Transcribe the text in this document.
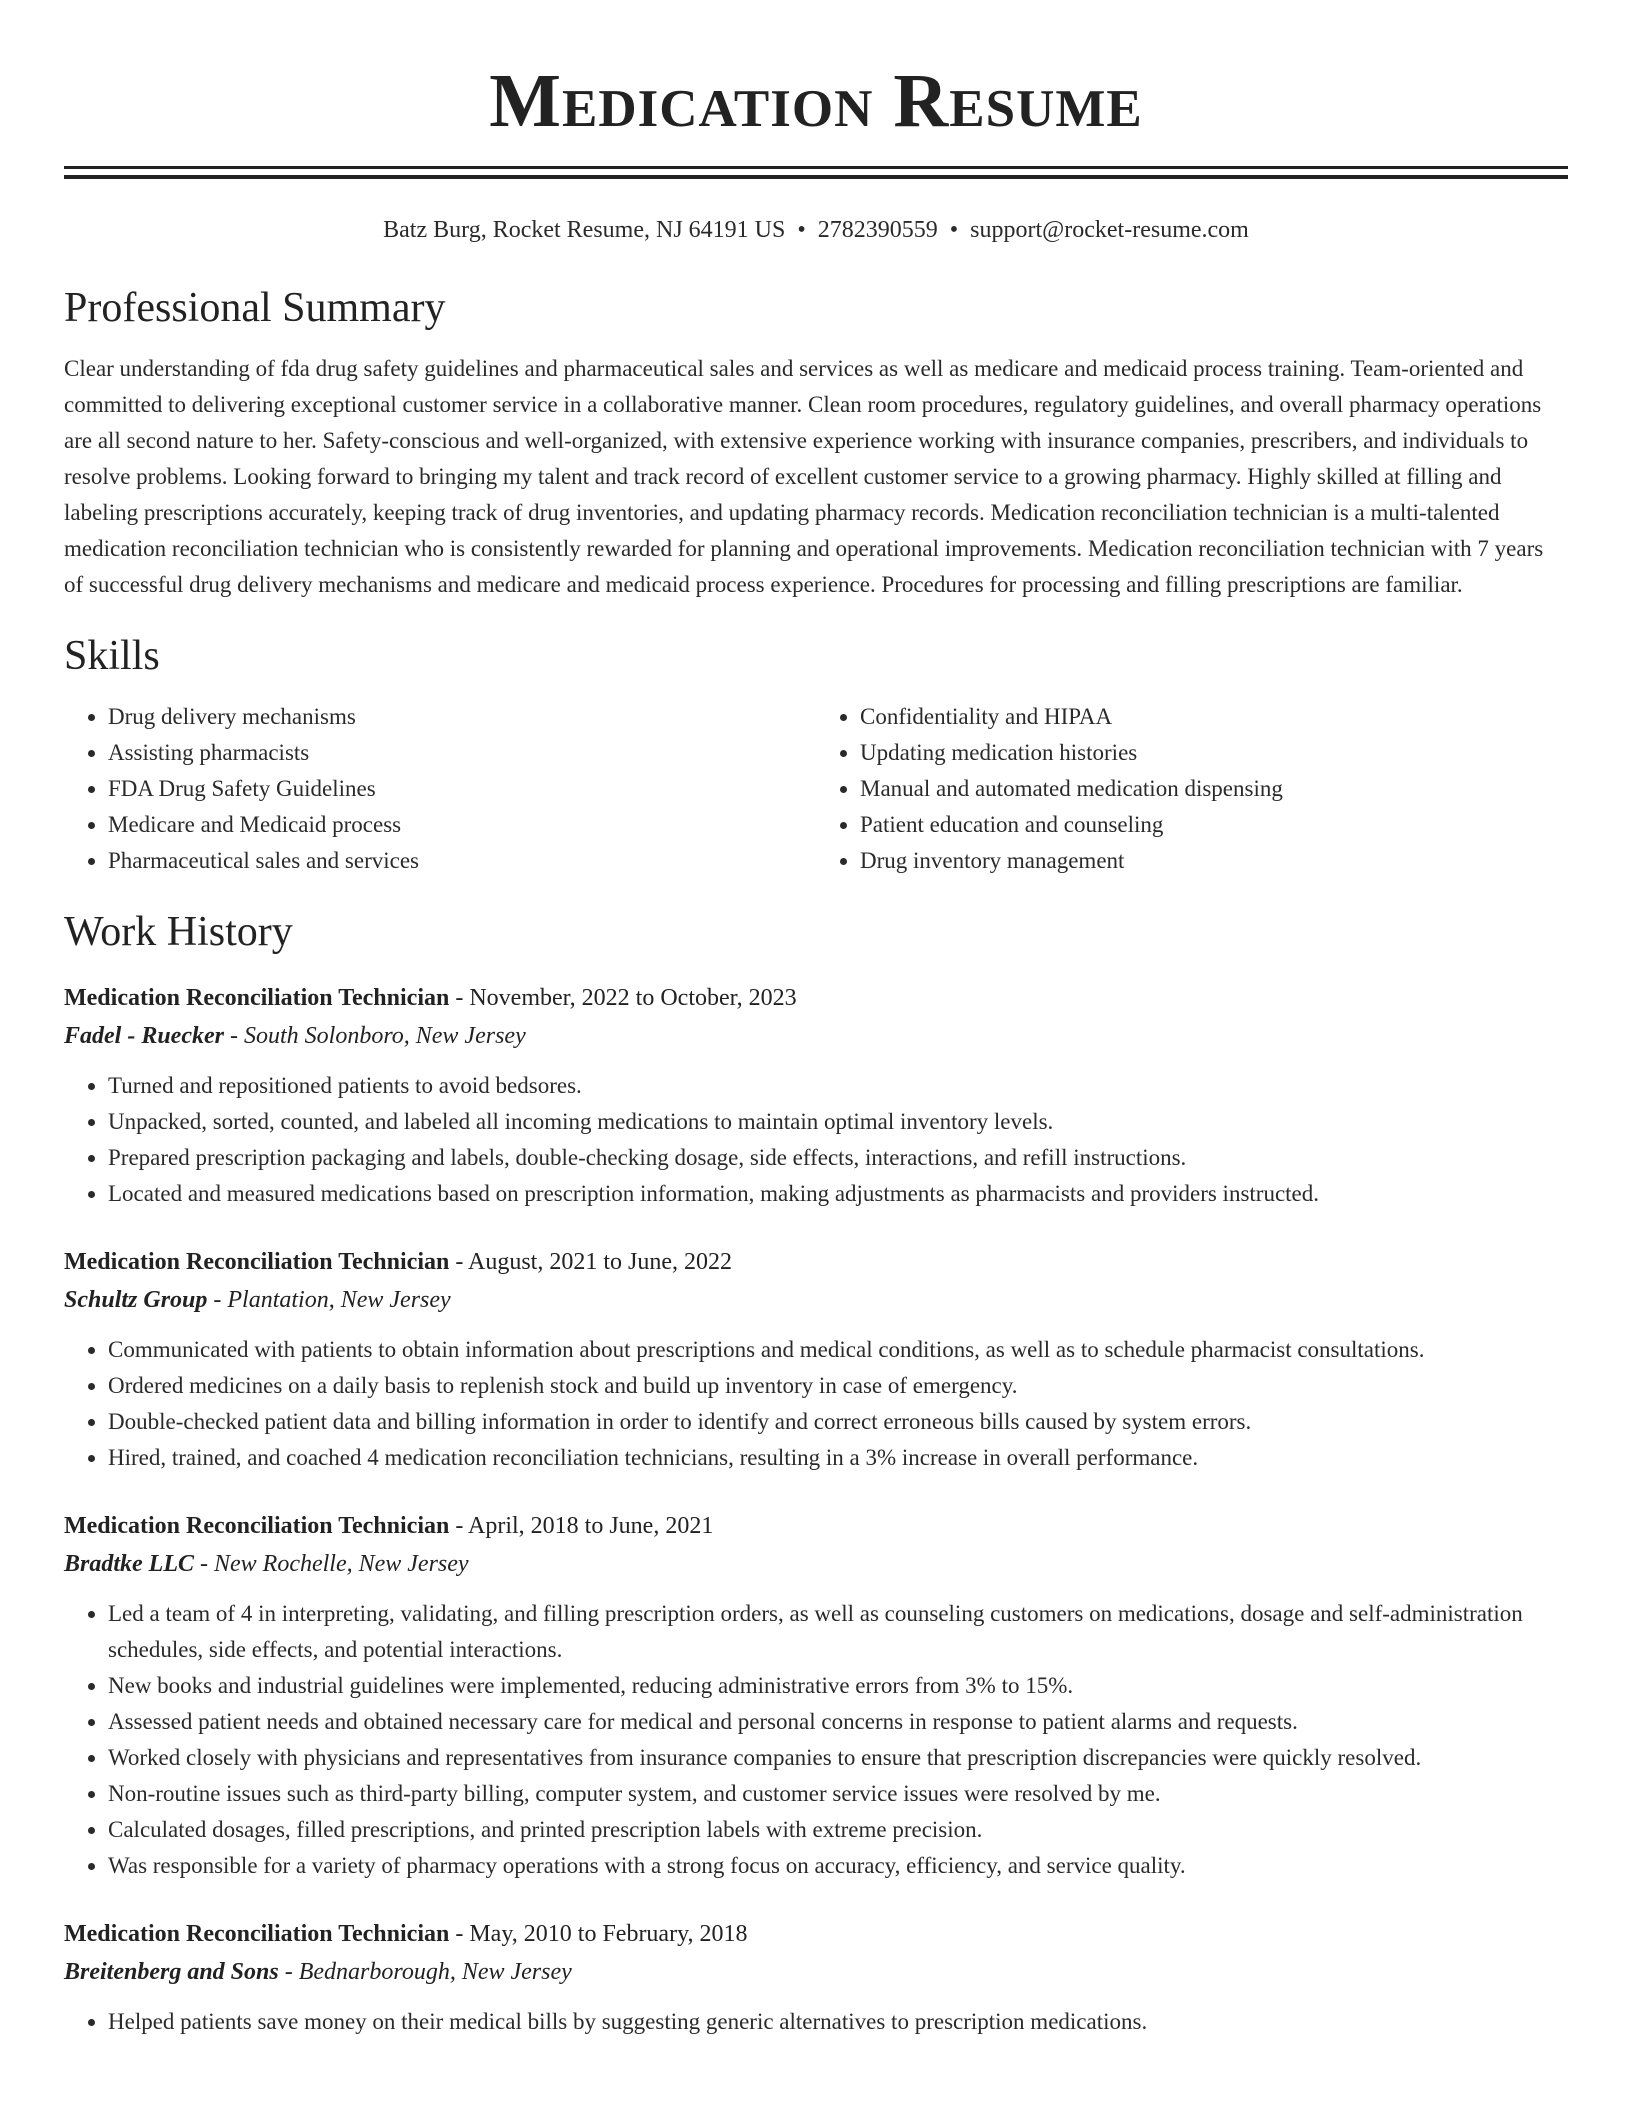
Medication Resume
Batz Burg, Rocket Resume, NJ 64191 US • 2782390559 • support@rocket-resume.com
Professional Summary
Clear understanding of fda drug safety guidelines and pharmaceutical sales and services as well as medicare and medicaid process training. Team-oriented and committed to delivering exceptional customer service in a collaborative manner. Clean room procedures, regulatory guidelines, and overall pharmacy operations are all second nature to her. Safety-conscious and well-organized, with extensive experience working with insurance companies, prescribers, and individuals to resolve problems. Looking forward to bringing my talent and track record of excellent customer service to a growing pharmacy. Highly skilled at filling and labeling prescriptions accurately, keeping track of drug inventories, and updating pharmacy records. Medication reconciliation technician is a multi-talented medication reconciliation technician who is consistently rewarded for planning and operational improvements. Medication reconciliation technician with 7 years of successful drug delivery mechanisms and medicare and medicaid process experience. Procedures for processing and filling prescriptions are familiar.
Skills
• Drug delivery mechanisms
• Assisting pharmacists
• FDA Drug Safety Guidelines
• Medicare and Medicaid process
• Pharmaceutical sales and services
• Confidentiality and HIPAA
• Updating medication histories
• Manual and automated medication dispensing
• Patient education and counseling
• Drug inventory management
Work History
Medication Reconciliation Technician - November, 2022 to October, 2023
Fadel - Ruecker - South Solonboro, New Jersey
• Turned and repositioned patients to avoid bedsores.
• Unpacked, sorted, counted, and labeled all incoming medications to maintain optimal inventory levels.
• Prepared prescription packaging and labels, double-checking dosage, side effects, interactions, and refill instructions.
• Located and measured medications based on prescription information, making adjustments as pharmacists and providers instructed.
Medication Reconciliation Technician - August, 2021 to June, 2022
Schultz Group - Plantation, New Jersey
• Communicated with patients to obtain information about prescriptions and medical conditions, as well as to schedule pharmacist consultations.
• Ordered medicines on a daily basis to replenish stock and build up inventory in case of emergency.
• Double-checked patient data and billing information in order to identify and correct erroneous bills caused by system errors.
• Hired, trained, and coached 4 medication reconciliation technicians, resulting in a 3% increase in overall performance.
Medication Reconciliation Technician - April, 2018 to June, 2021
Bradtke LLC - New Rochelle, New Jersey
• Led a team of 4 in interpreting, validating, and filling prescription orders, as well as counseling customers on medications, dosage and self-administration schedules, side effects, and potential interactions.
• New books and industrial guidelines were implemented, reducing administrative errors from 3% to 15%.
• Assessed patient needs and obtained necessary care for medical and personal concerns in response to patient alarms and requests.
• Worked closely with physicians and representatives from insurance companies to ensure that prescription discrepancies were quickly resolved.
• Non-routine issues such as third-party billing, computer system, and customer service issues were resolved by me.
• Calculated dosages, filled prescriptions, and printed prescription labels with extreme precision.
• Was responsible for a variety of pharmacy operations with a strong focus on accuracy, efficiency, and service quality.
Medication Reconciliation Technician - May, 2010 to February, 2018
Breitenberg and Sons - Bednarborough, New Jersey
• Helped patients save money on their medical bills by suggesting generic alternatives to prescription medications.
